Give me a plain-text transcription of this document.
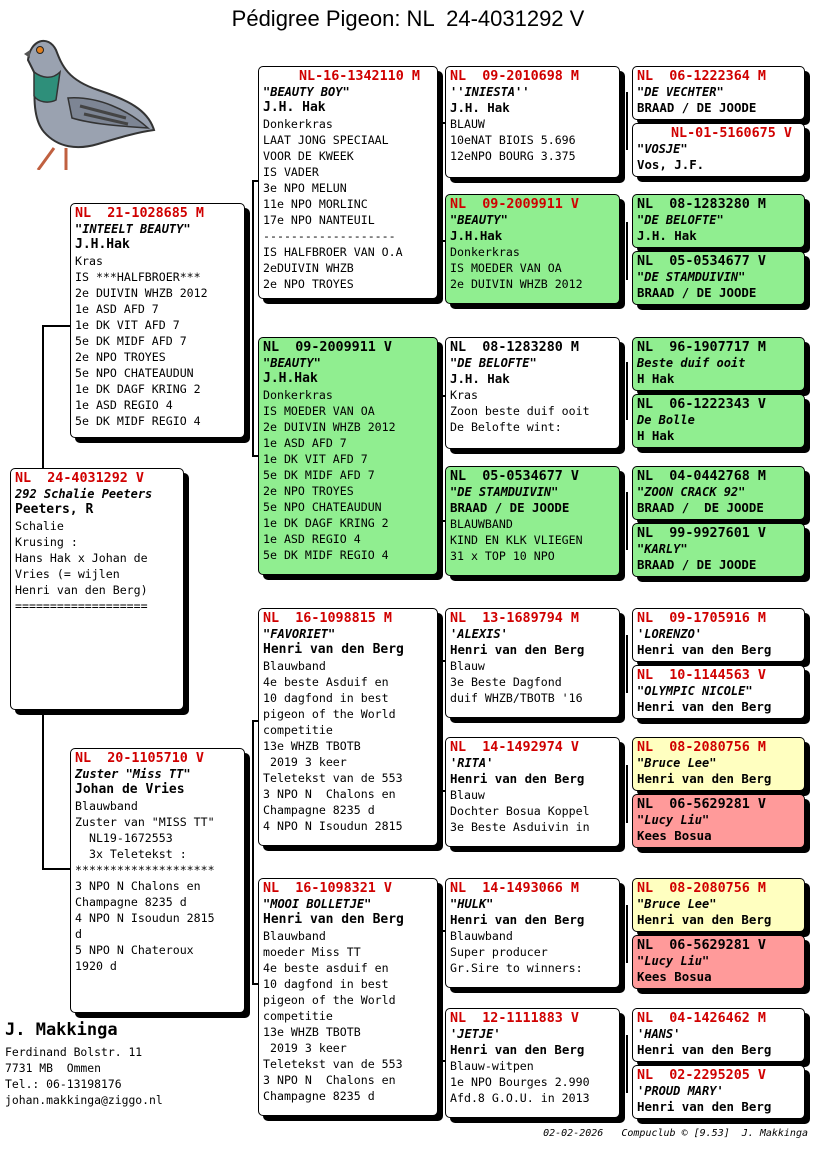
Pédigree Pigeon: NL  24-4031292 V
NL  24-4031292 V
292 Schalie Peeters
Peeters, R
Schalie
Krusing :
Hans Hak x Johan de
Vries (= wijlen
Henri van den Berg)
===================
NL  21-1028685 M
"INTEELT BEAUTY"
J.H.Hak
Kras
IS ***HALFBROER***
2e DUIVIN WHZB 2012
1e ASD AFD 7
1e DK VIT AFD 7
5e DK MIDF AFD 7
2e NPO TROYES
5e NPO CHATEAUDUN
1e DK DAGF KRING 2
1e ASD REGIO 4
5e DK MIDF REGIO 4
NL  20-1105710 V
Zuster "Miss TT"
Johan de Vries
Blauwband
Zuster van "MISS TT"
NL19-1672553
3x Teletekst :
********************
3 NPO N Chalons en
Champagne 8235 d
4 NPO N Isoudun 2815
d
5 NPO N Chateroux
1920 d
NL-16-1342110 M
"BEAUTY BOY"
J.H. Hak
Donkerkras
LAAT JONG SPECIAAL
VOOR DE KWEEK
IS VADER
3e NPO MELUN
11e NPO MORLINC
17e NPO NANTEUIL
-------------------
IS HALFBROER VAN O.A
2eDUIVIN WHZB
2e NPO TROYES
NL  09-2009911 V
"BEAUTY"
J.H.Hak
Donkerkras
IS MOEDER VAN OA
2e DUIVIN WHZB 2012
1e ASD AFD 7
1e DK VIT AFD 7
5e DK MIDF AFD 7
2e NPO TROYES
5e NPO CHATEAUDUN
1e DK DAGF KRING 2
1e ASD REGIO 4
5e DK MIDF REGIO 4
NL  16-1098815 M
"FAVORIET"
Henri van den Berg
Blauwband
4e beste Asduif en
10 dagfond in best
pigeon of the World
competitie
13e WHZB TBOTB
2019 3 keer
Teletekst van de 553
3 NPO N  Chalons en
Champagne 8235 d
4 NPO N Isoudun 2815
NL  16-1098321 V
"MOOI BOLLETJE"
Henri van den Berg
Blauwband
moeder Miss TT
4e beste asduif en
10 dagfond in best
pigeon of the World
competitie
13e WHZB TBOTB
2019 3 keer
Teletekst van de 553
3 NPO N  Chalons en
Champagne 8235 d
NL  09-2010698 M
''INIESTA''
J.H. Hak
BLAUW
10eNAT BIOIS 5.696
12eNPO BOURG 3.375
NL  09-2009911 V
"BEAUTY"
J.H.Hak
Donkerkras
IS MOEDER VAN OA
2e DUIVIN WHZB 2012
NL  08-1283280 M
"DE BELOFTE"
J.H. Hak
Kras
Zoon beste duif ooit
De Belofte wint:
NL  05-0534677 V
"DE STAMDUIVIN"
BRAAD / DE JOODE
BLAUWBAND
KIND EN KLK VLIEGEN
31 x TOP 10 NPO
NL  13-1689794 M
'ALEXIS'
Henri van den Berg
Blauw
3e Beste Dagfond
duif WHZB/TBOTB '16
NL  14-1492974 V
'RITA'
Henri van den Berg
Blauw
Dochter Bosua Koppel
3e Beste Asduivin in
NL  14-1493066 M
"HULK"
Henri van den Berg
Blauwband
Super producer
Gr.Sire to winners:
NL  12-1111883 V
'JETJE'
Henri van den Berg
Blauw-witpen
1e NPO Bourges 2.990
Afd.8 G.O.U. in 2013
NL  06-1222364 M
"DE VECHTER"
BRAAD / DE JOODE
NL-01-5160675 V
"VOSJE"
Vos, J.F.
NL  08-1283280 M
"DE BELOFTE"
J.H. Hak
NL  05-0534677 V
"DE STAMDUIVIN"
BRAAD / DE JOODE
NL  96-1907717 M
Beste duif ooit
H Hak
NL  06-1222343 V
De Bolle
H Hak
NL  04-0442768 M
"ZOON CRACK 92"
BRAAD /  DE JOODE
NL  99-9927601 V
"KARLY"
BRAAD / DE JOODE
NL  09-1705916 M
'LORENZO'
Henri van den Berg
NL  10-1144563 V
"OLYMPIC NICOLE"
Henri van den Berg
NL  08-2080756 M
"Bruce Lee"
Henri van den Berg
NL  06-5629281 V
"Lucy Liu"
Kees Bosua
NL  08-2080756 M
"Bruce Lee"
Henri van den Berg
NL  06-5629281 V
"Lucy Liu"
Kees Bosua
NL  04-1426462 M
'HANS'
Henri van den Berg
NL  02-2295205 V
'PROUD MARY'
Henri van den Berg
J. Makkinga
Ferdinand Bolstr. 11
7731 MB  Ommen
Tel.: 06-13198176
johan.makkinga@ziggo.nl
02-02-2026   Compuclub © [9.53]  J. Makkinga
